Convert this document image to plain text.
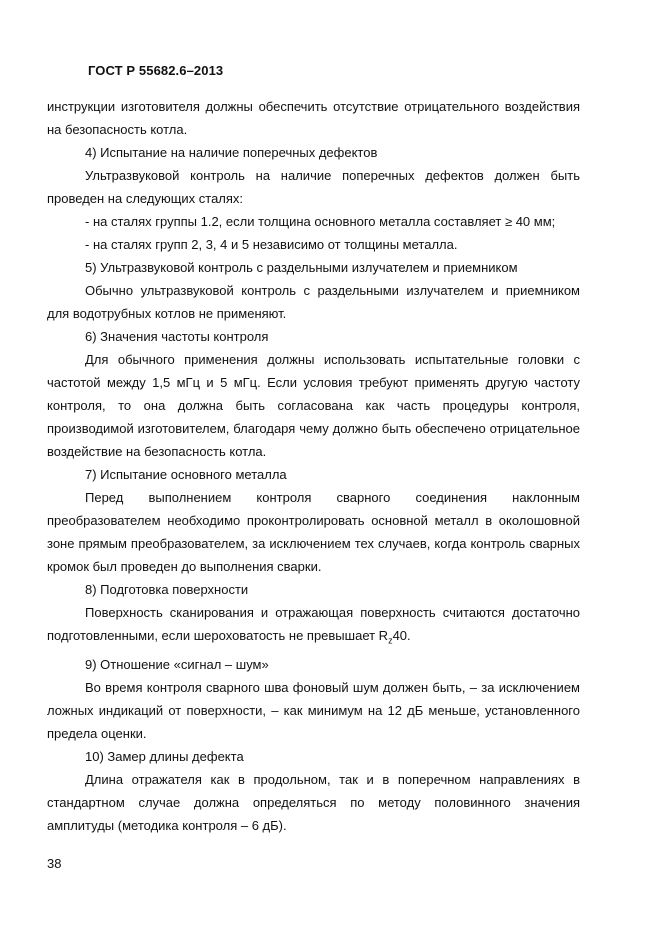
ГОСТ Р 55682.6–2013

инструкции изготовителя должны обеспечить отсутствие отрицательного воздействия

на безопасность котла.

4) Испытание на наличие поперечных дефектов

Ультразвуковой контроль на наличие поперечных дефектов должен быть

проведен на следующих сталях:

- на сталях группы 1.2, если толщина основного металла составляет ≥ 40 мм;

- на сталях групп 2, 3, 4 и 5 независимо от толщины металла.

5) Ультразвуковой контроль с раздельными излучателем и приемником

Обычно ультразвуковой контроль с раздельными излучателем и приемником

для водотрубных котлов не применяют.

6) Значения частоты контроля

Для обычного применения должны использовать испытательные головки с частотой между 1,5 мГц и 5 мГц. Если условия требуют применять другую частоту контроля, то она должна быть согласована как часть процедуры контроля, производимой изготовителем, благодаря чему должно быть обеспечено отрицательное воздействие на безопасность котла.

7) Испытание основного металла

Перед выполнением контроля сварного соединения наклонным преобразователем необходимо проконтролировать основной металл в околошовной зоне прямым преобразователем, за исключением тех случаев, когда контроль сварных кромок был проведен до выполнения сварки.

8) Подготовка поверхности

Поверхность сканирования и отражающая поверхность считаются достаточно

подготовленными, если шероховатость не превышает $R_z40$.

9) Отношение «сигнал – шум»

Во время контроля сварного шва фоновый шум должен быть, – за исключением ложных индикаций от поверхности, – как минимум на 12 дБ меньше, установленного предела оценки.

10) Замер длины дефекта

Длина отражателя как в продольном, так и в поперечном направлениях в стандартном случае должна определяться по методу половинного значения амплитуды (методика контроля – 6 дБ).

38
